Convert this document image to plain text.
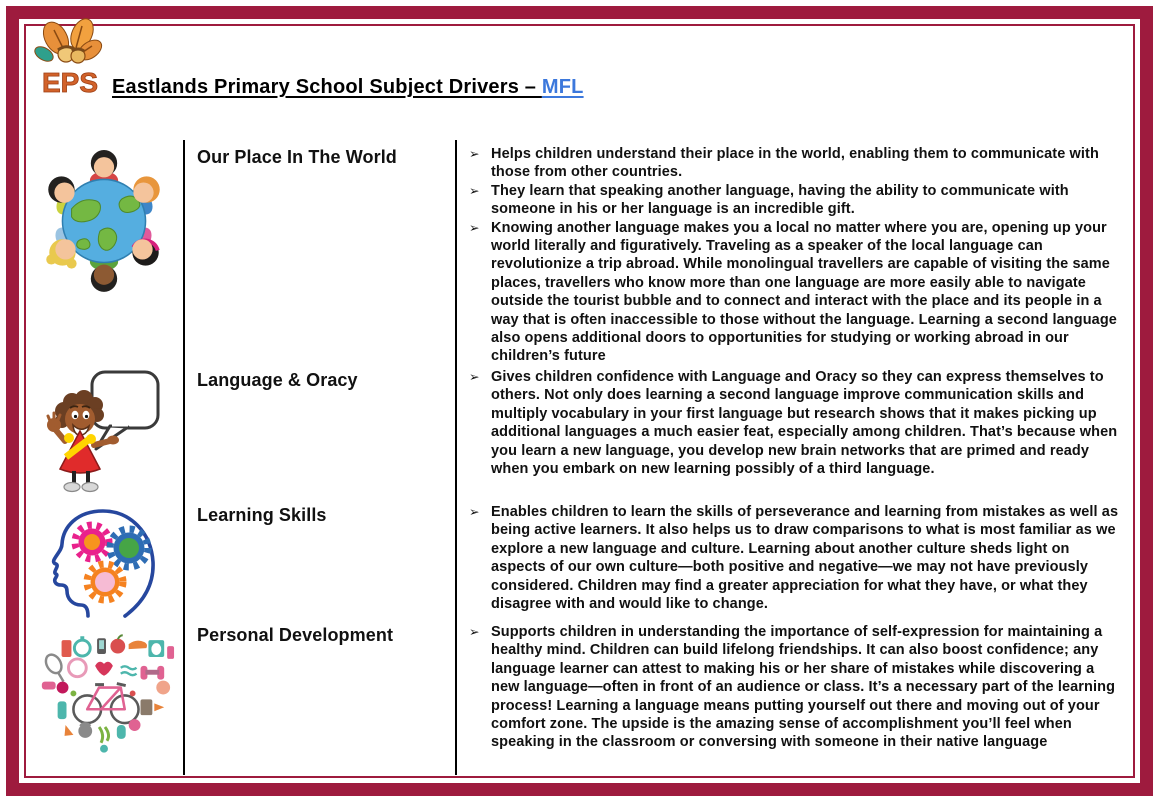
EPS Eastlands Primary School Subject Drivers – MFL
Our Place In The World	➢ Helps children understand their place in the world, enabling them to communicate with those from other countries.
➢ They learn that speaking another language, having the ability to communicate with someone in his or her language is an incredible gift.
➢ Knowing another language makes you a local no matter where you are, opening up your world literally and figuratively. Traveling as a speaker of the local language can revolutionize a trip abroad. While monolingual travellers are capable of visiting the same places, travellers who know more than one language are more easily able to navigate outside the tourist bubble and to connect and interact with the place and its people in a way that is often inaccessible to those without the language. Learning a second language also opens additional doors to opportunities for studying or working abroad in our children’s future
Language & Oracy	➢ Gives children confidence with Language and Oracy so they can express themselves to others. Not only does learning a second language improve communication skills and multiply vocabulary in your first language but research shows that it makes picking up additional languages a much easier feat, especially among children. That’s because when you learn a new language, you develop new brain networks that are primed and ready when you embark on new learning possibly of a third language.
Learning Skills	➢ Enables children to learn the skills of perseverance and learning from mistakes as well as being active learners. It also helps us to draw comparisons to what is most familiar as we explore a new language and culture. Learning about another culture sheds light on aspects of our own culture—both positive and negative—we may not have previously considered. Children may find a greater appreciation for what they have, or what they disagree with and would like to change.
Personal Development	➢ Supports children in understanding the importance of self-expression for maintaining a healthy mind. Children can build lifelong friendships. It can also boost confidence; any language learner can attest to making his or her share of mistakes while discovering a new language—often in front of an audience or class. It’s a necessary part of the learning process! Learning a language means putting yourself out there and moving out of your comfort zone. The upside is the amazing sense of accomplishment you’ll feel when speaking in the classroom or conversing with someone in their native language
